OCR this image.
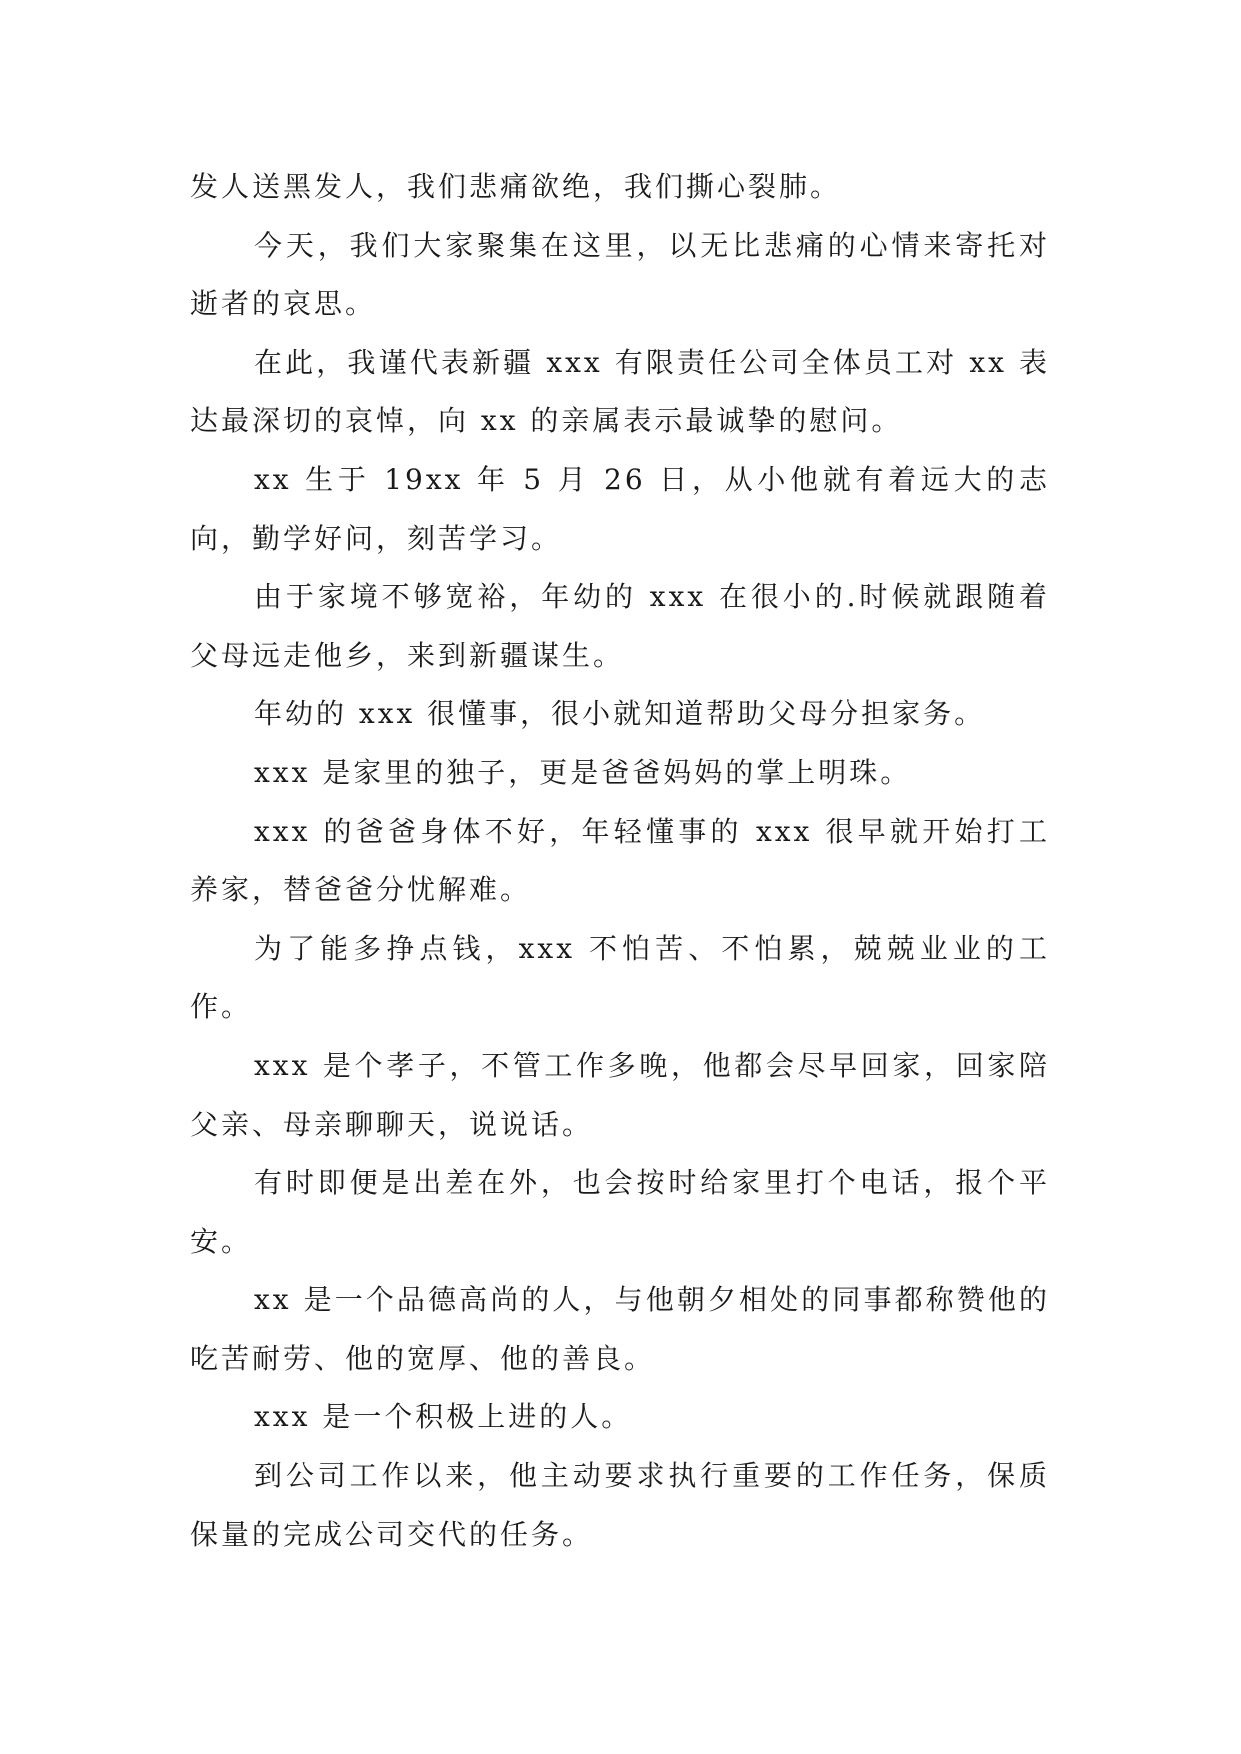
发人送黑发人，我们悲痛欲绝，我们撕心裂肺。

今天，我们大家聚集在这里，以无比悲痛的心情来寄托对逝者的哀思。

在此，我谨代表新疆 xxx 有限责任公司全体员工对 xx 表达最深切的哀悼，向 xx 的亲属表示最诚挚的慰问。

xx 生于 19xx 年 5 月 26 日，从小他就有着远大的志向，勤学好问，刻苦学习。

由于家境不够宽裕，年幼的 xxx 在很小的.时候就跟随着父母远走他乡，来到新疆谋生。

年幼的 xxx 很懂事，很小就知道帮助父母分担家务。

xxx 是家里的独子，更是爸爸妈妈的掌上明珠。

xxx 的爸爸身体不好，年轻懂事的 xxx 很早就开始打工养家，替爸爸分忧解难。

为了能多挣点钱，xxx 不怕苦、不怕累，兢兢业业的工作。

xxx 是个孝子，不管工作多晚，他都会尽早回家，回家陪父亲、母亲聊聊天，说说话。

有时即便是出差在外，也会按时给家里打个电话，报个平安。

xx 是一个品德高尚的人，与他朝夕相处的同事都称赞他的吃苦耐劳、他的宽厚、他的善良。

xxx 是一个积极上进的人。

到公司工作以来，他主动要求执行重要的工作任务，保质保量的完成公司交代的任务。
